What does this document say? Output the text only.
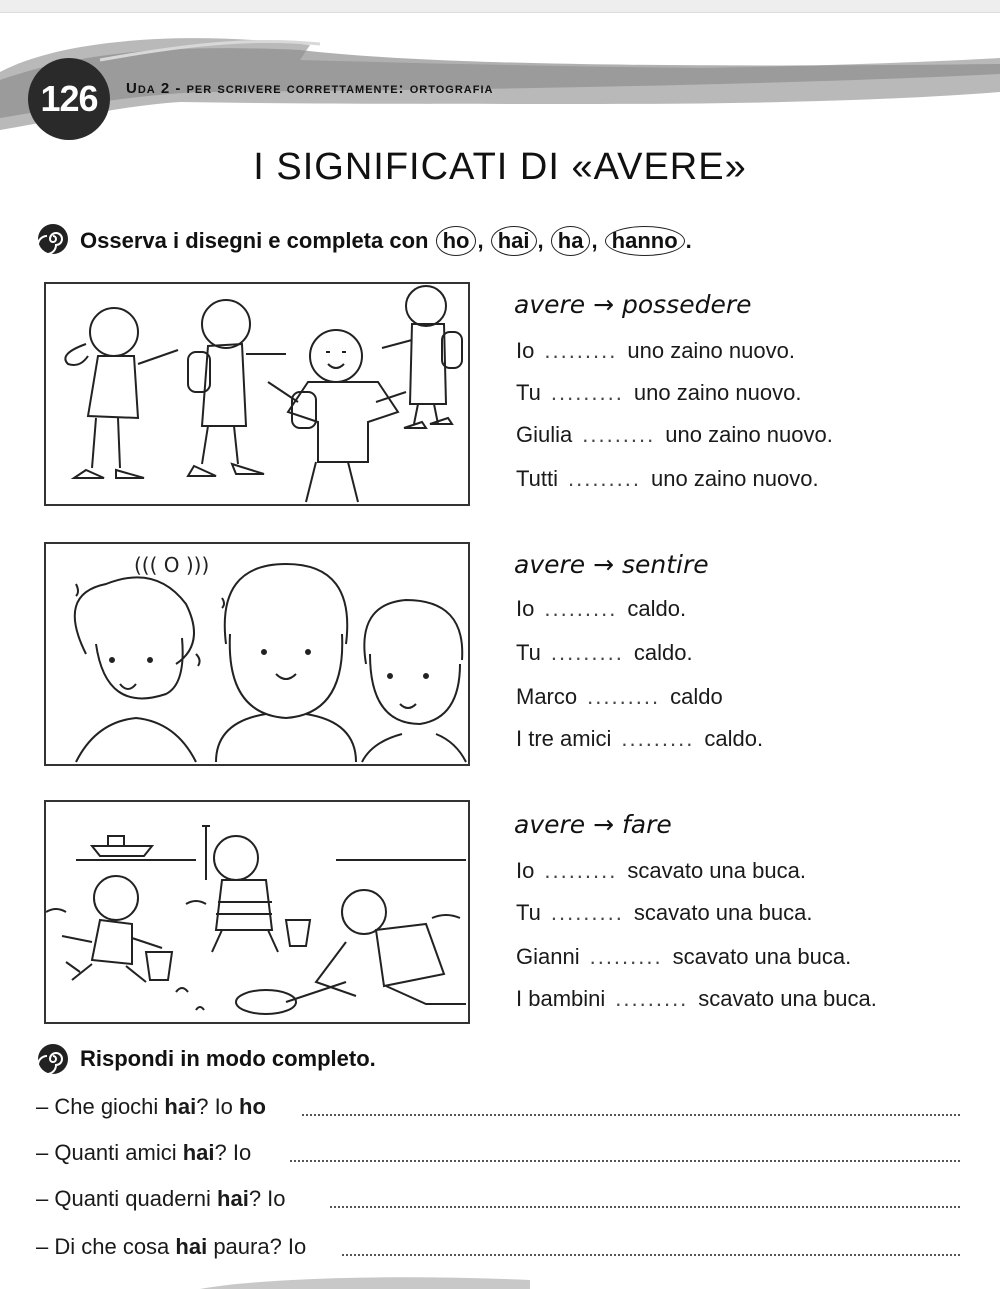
126	uda 2 - per scrivere correttamente: ortografia
I SIGNIFICATI DI «AVERE»
Osserva i disegni e completa con ho , hai , ha , hanno .
avere → possedere
Io ......... uno zaino nuovo.
Tu ......... uno zaino nuovo.
Giulia ......... uno zaino nuovo.
Tutti ......... uno zaino nuovo.
((( O )))	avere → sentire
Io ......... caldo.
Tu ......... caldo.
Marco ......... caldo
I tre amici ......... caldo.
avere → fare
Io ......... scavato una buca.
Tu ......... scavato una buca.
Gianni ......... scavato una buca.
I bambini ......... scavato una buca.
Rispondi in modo completo.
– Che giochi hai? Io ho
– Quanti amici hai? Io
– Quanti quaderni hai? Io
– Di che cosa hai paura? Io
